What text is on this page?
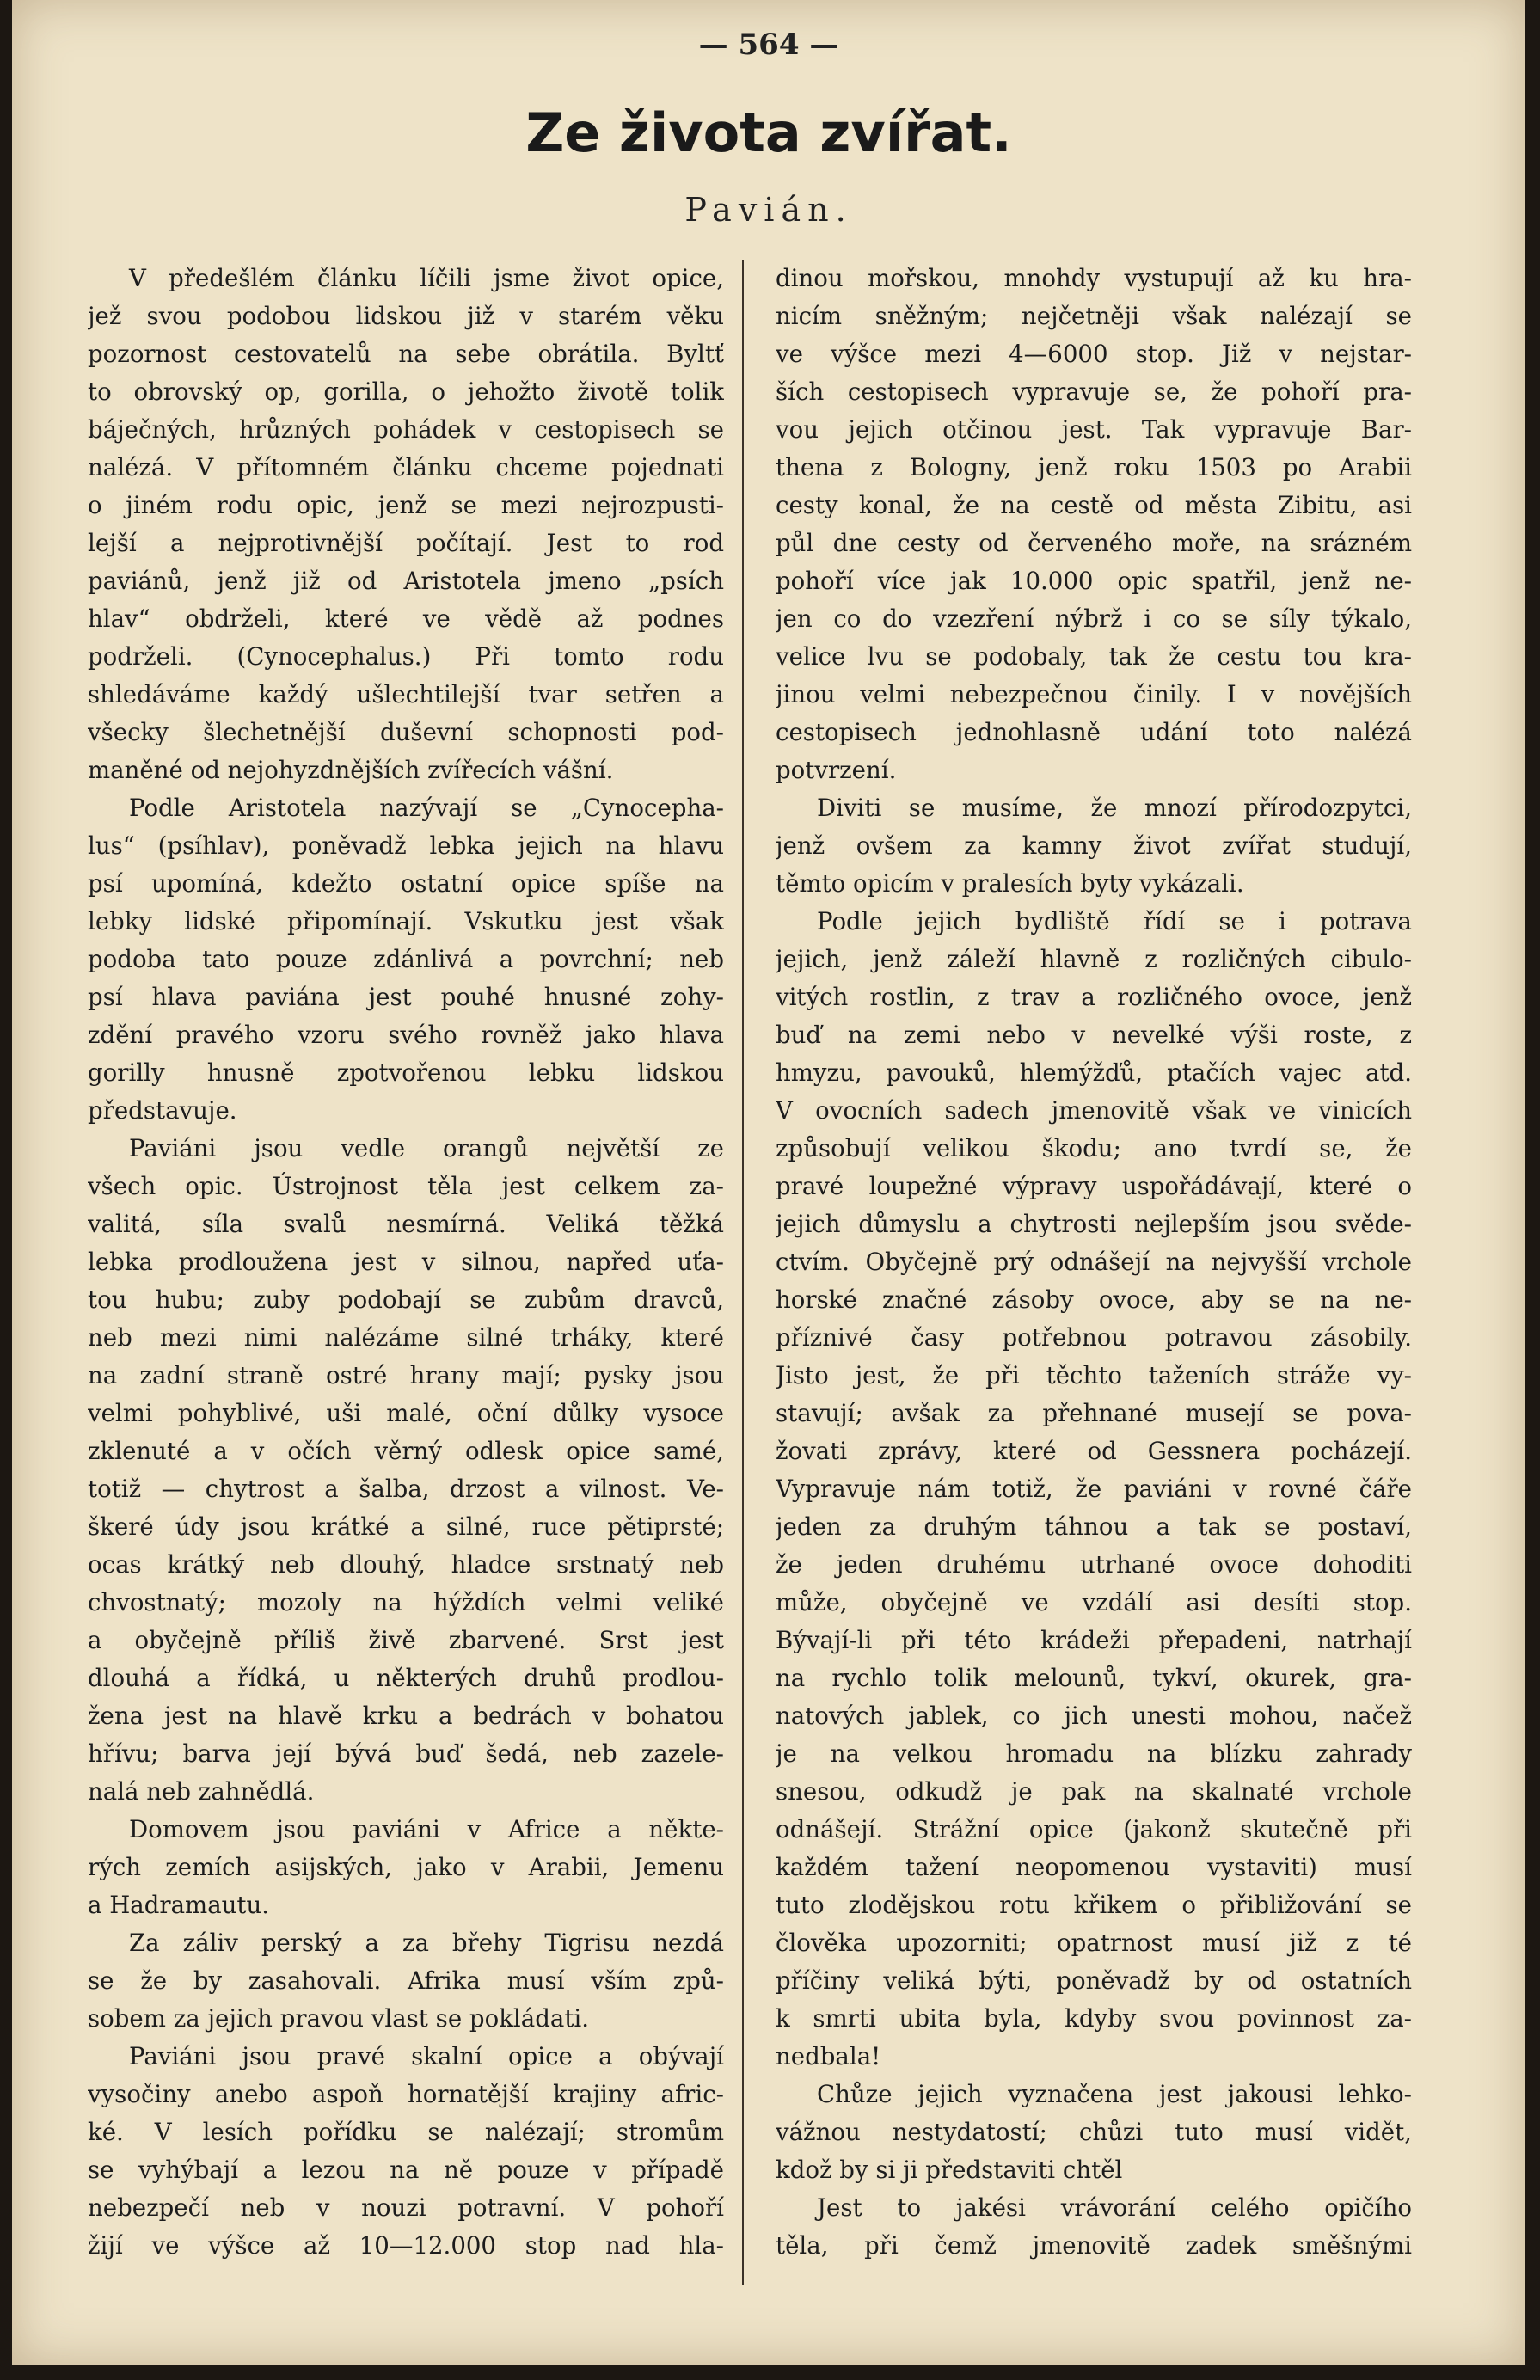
— 564 —
Ze života zvířat.
Pavián.

V předešlém článku líčili jsme život opice,

jež svou podobou lidskou již v starém věku

pozornost cestovatelů na sebe obrátila. Byltť

to obrovský op, gorilla, o jehožto životě tolik

báječných, hrůzných pohádek v cestopisech se

nalézá. V přítomném článku chceme pojednati

o jiném rodu opic, jenž se mezi nejrozpusti-

lejší a nejprotivnější počítají. Jest to rod

paviánů, jenž již od Aristotela jmeno „psích

hlav“ obdrželi, které ve vědě až podnes

podrželi. (Cynocephalus.) Při tomto rodu

shledáváme každý ušlechtilejší tvar setřen a

všecky šlechetnější duševní schopnosti pod-

maněné od nejohyzdnějších zvířecích vášní.

Podle Aristotela nazývají se „Cynocepha-

lus“ (psíhlav), poněvadž lebka jejich na hlavu

psí upomíná, kdežto ostatní opice spíše na

lebky lidské připomínají. Vskutku jest však

podoba tato pouze zdánlivá a povrchní; neb

psí hlava paviána jest pouhé hnusné zohy-

zdění pravého vzoru svého rovněž jako hlava

gorilly hnusně zpotvořenou lebku lidskou

představuje.

Paviáni jsou vedle orangů největší ze

všech opic. Ústrojnost těla jest celkem za-

valitá, síla svalů nesmírná. Veliká těžká

lebka prodloužena jest v silnou, napřed uťa-

tou hubu; zuby podobají se zubům dravců,

neb mezi nimi nalézáme silné trháky, které

na zadní straně ostré hrany mají; pysky jsou

velmi pohyblivé, uši malé, oční důlky vysoce

zklenuté a v očích věrný odlesk opice samé,

totiž — chytrost a šalba, drzost a vilnost. Ve-

škeré údy jsou krátké a silné, ruce pětiprsté;

ocas krátký neb dlouhý, hladce srstnatý neb

chvostnatý; mozoly na hýždích velmi veliké

a obyčejně příliš živě zbarvené. Srst jest

dlouhá a řídká, u některých druhů prodlou-

žena jest na hlavě krku a bedrách v bohatou

hřívu; barva její bývá buď šedá, neb zazele-

nalá neb zahnědlá.

Domovem jsou paviáni v Africe a někte-

rých zemích asijských, jako v Arabii, Jemenu

a Hadramautu.

Za záliv perský a za břehy Tigrisu nezdá

se že by zasahovali. Afrika musí vším způ-

sobem za jejich pravou vlast se pokládati.

Paviáni jsou pravé skalní opice a obývají

vysočiny anebo aspoň hornatější krajiny afric-

ké. V lesích pořídku se nalézají; stromům

se vyhýbají a lezou na ně pouze v případě

nebezpečí neb v nouzi potravní. V pohoří

žijí ve výšce až 10—12.000 stop nad hla-

dinou mořskou, mnohdy vystupují až ku hra-

nicím sněžným; nejčetněji však nalézají se

ve výšce mezi 4—6000 stop. Již v nejstar-

ších cestopisech vypravuje se, že pohoří pra-

vou jejich otčinou jest. Tak vypravuje Bar-

thena z Bologny, jenž roku 1503 po Arabii

cesty konal, že na cestě od města Zibitu, asi

půl dne cesty od červeného moře, na srázném

pohoří více jak 10.000 opic spatřil, jenž ne-

jen co do vzezření nýbrž i co se síly týkalo,

velice lvu se podobaly, tak že cestu tou kra-

jinou velmi nebezpečnou činily. I v novějších

cestopisech jednohlasně udání toto nalézá

potvrzení.

Diviti se musíme, že mnozí přírodozpytci,

jenž ovšem za kamny život zvířat studují,

těmto opicím v pralesích byty vykázali.

Podle jejich bydliště řídí se i potrava

jejich, jenž záleží hlavně z rozličných cibulo-

vitých rostlin, z trav a rozličného ovoce, jenž

buď na zemi nebo v nevelké výši roste, z

hmyzu, pavouků, hlemýžďů, ptačích vajec atd.

V ovocních sadech jmenovitě však ve vinicích

způsobují velikou škodu; ano tvrdí se, že

pravé loupežné výpravy uspořádávají, které o

jejich důmyslu a chytrosti nejlepším jsou svěde-

ctvím. Obyčejně prý odnášejí na nejvyšší vrchole

horské značné zásoby ovoce, aby se na ne-

příznivé časy potřebnou potravou zásobily.

Jisto jest, že při těchto taženích stráže vy-

stavují; avšak za přehnané musejí se pova-

žovati zprávy, které od Gessnera pocházejí.

Vypravuje nám totiž, že paviáni v rovné čáře

jeden za druhým táhnou a tak se postaví,

že jeden druhému utrhané ovoce dohoditi

může, obyčejně ve vzdálí asi desíti stop.

Bývají-li při této krádeži přepadeni, natrhají

na rychlo tolik melounů, tykví, okurek, gra-

natových jablek, co jich unesti mohou, načež

je na velkou hromadu na blízku zahrady

snesou, odkudž je pak na skalnaté vrchole

odnášejí. Strážní opice (jakonž skutečně při

každém tažení neopomenou vystaviti) musí

tuto zlodějskou rotu křikem o přibližování se

člověka upozorniti; opatrnost musí již z té

příčiny veliká býti, poněvadž by od ostatních

k smrti ubita byla, kdyby svou povinnost za-

nedbala!

Chůze jejich vyznačena jest jakousi lehko-

vážnou nestydatostí; chůzi tuto musí vidět,

kdož by si ji představiti chtěl

Jest to jakési vrávorání celého opičího

těla, při čemž jmenovitě zadek směšnými
